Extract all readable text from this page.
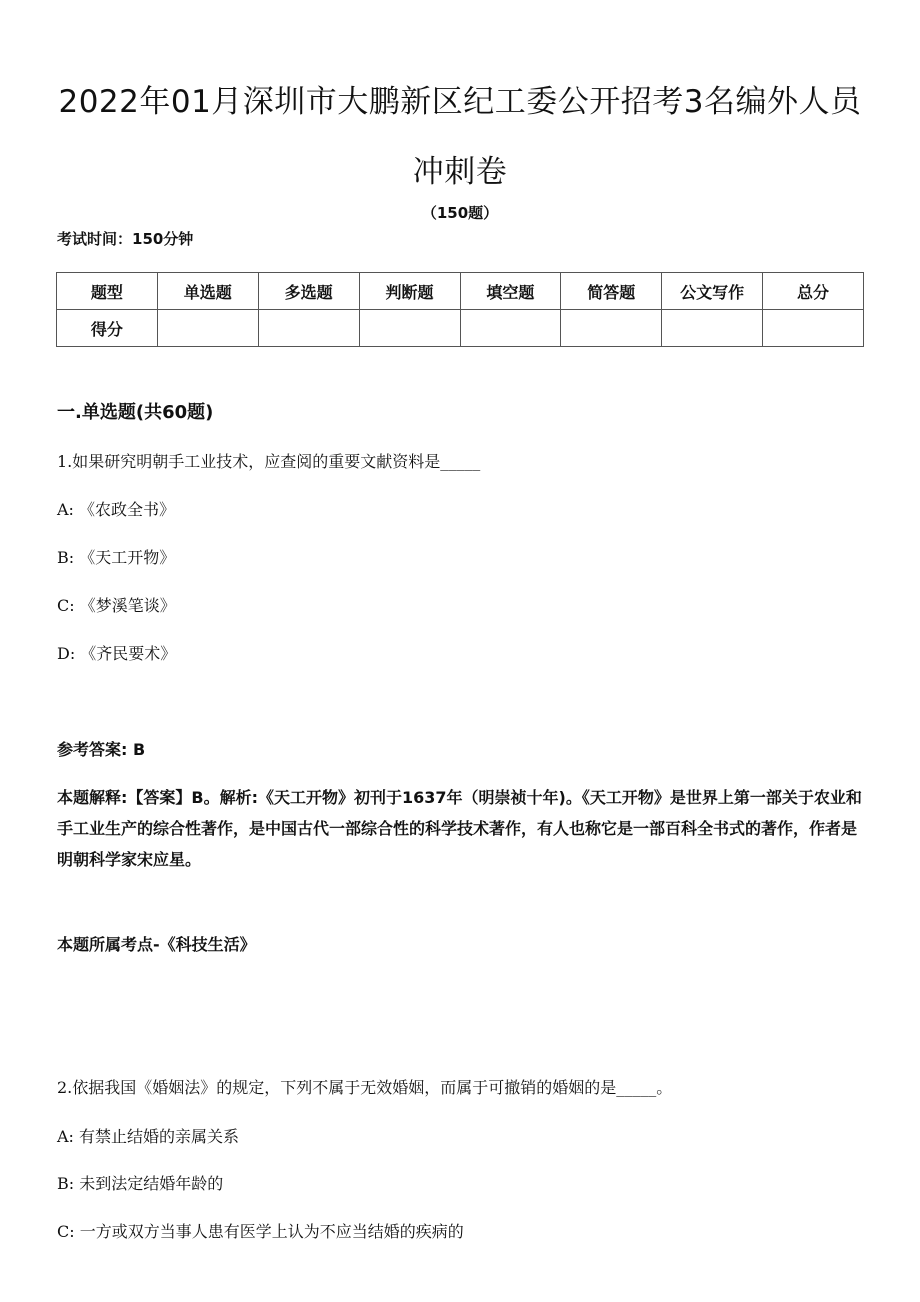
2022年01月深圳市大鹏新区纪工委公开招考3名编外人员
冲刺卷
（150题）
考试时间：150分钟
题型	单选题	多选题	判断题	填空题	简答题	公文写作	总分
得分							
一.单选题(共60题)
1.如果研究明朝手工业技术，应查阅的重要文献资料是_____
A: 《农政全书》
B: 《天工开物》
C: 《梦溪笔谈》
D: 《齐民要术》
参考答案: B

本题解释:【答案】B。解析:《天工开物》初刊于1637年（明崇祯十年)。《天工开物》是世界上第一部关于农业和手工业生产的综合性著作，是中国古代一部综合性的科学技术著作，有人也称它是一部百科全书式的著作，作者是明朝科学家宋应星。

本题所属考点-《科技生活》
2.依据我国《婚姻法》的规定，下列不属于无效婚姻，而属于可撤销的婚姻的是_____。
A: 有禁止结婚的亲属关系
B: 未到法定结婚年龄的
C: 一方或双方当事人患有医学上认为不应当结婚的疾病的
